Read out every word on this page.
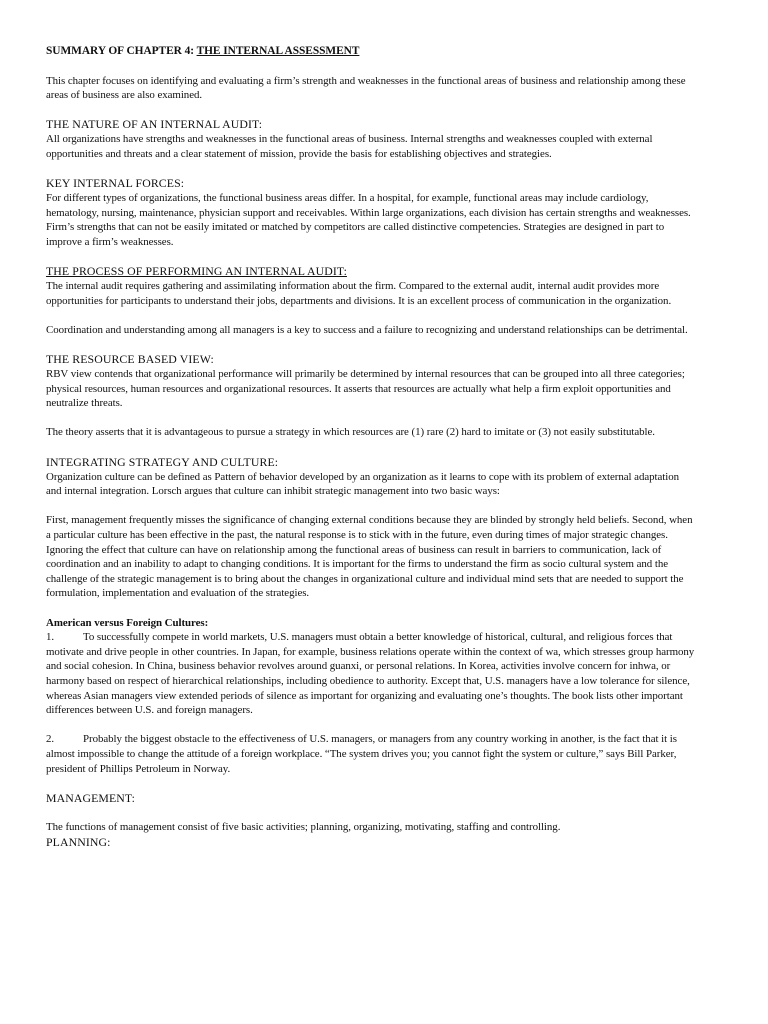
SUMMARY OF CHAPTER 4: THE INTERNAL ASSESSMENT

This chapter focuses on identifying and evaluating a firm’s strength and weaknesses in the functional areas of business and relationship among these areas of business are also examined.

THE NATURE OF AN INTERNAL AUDIT:

All organizations have strengths and weaknesses in the functional areas of business. Internal strengths and weaknesses coupled with external opportunities and threats and a clear statement of mission, provide the basis for establishing objectives and strategies.

KEY INTERNAL FORCES:

For different types of organizations, the functional business areas differ. In a hospital, for example, functional areas may include cardiology, hematology, nursing, maintenance, physician support and receivables. Within large organizations, each division has certain strengths and weaknesses. Firm’s strengths that can not be easily imitated or matched by competitors are called distinctive competencies. Strategies are designed in part to improve a firm’s weaknesses.

THE PROCESS OF PERFORMING AN INTERNAL AUDIT:

The internal audit requires gathering and assimilating information about the firm. Compared to the external audit, internal audit provides more opportunities for participants to understand their jobs, departments and divisions. It is an excellent process of communication in the organization.

Coordination and understanding among all managers is a key to success and a failure to recognizing and understand relationships can be detrimental.

THE RESOURCE BASED VIEW:

RBV view contends that organizational performance will primarily be determined by internal resources that can be grouped into all three categories; physical resources, human resources and organizational resources. It asserts that resources are actually what help a firm exploit opportunities and neutralize threats.

The theory asserts that it is advantageous to pursue a strategy in which resources are (1) rare (2) hard to imitate or (3) not easily substitutable.

INTEGRATING STRATEGY AND CULTURE:

Organization culture can be defined as Pattern of behavior developed by an organization as it learns to cope with its problem of external adaptation and internal integration. Lorsch argues that culture can inhibit strategic management into two basic ways:

First, management frequently misses the significance of changing external conditions because they are blinded by strongly held beliefs. Second, when a particular culture has been effective in the past, the natural response is to stick with in the future, even during times of major strategic changes. Ignoring the effect that culture can have on relationship among the functional areas of business can result in barriers to communication, lack of coordination and an inability to adapt to changing conditions. It is important for the firms to understand the firm as socio cultural system and the challenge of the strategic management is to bring about the changes in organizational culture and individual mind sets that are needed to support the formulation, implementation and evaluation of the strategies.

American versus Foreign Cultures:

1.	To successfully compete in world markets, U.S. managers must obtain a better knowledge of historical, cultural, and religious forces that motivate and drive people in other countries. In Japan, for example, business relations operate within the context of wa, which stresses group harmony and social cohesion. In China, business behavior revolves around guanxi, or personal relations. In Korea, activities involve concern for inhwa, or harmony based on respect of hierarchical relationships, including obedience to authority. Except that, U.S. managers have a low tolerance for silence, whereas Asian managers view extended periods of silence as important for organizing and evaluating one’s thoughts. The book lists other important differences between U.S. and foreign managers.

2.	Probably the biggest obstacle to the effectiveness of U.S. managers, or managers from any country working in another, is the fact that it is almost impossible to change the attitude of a foreign workplace. “The system drives you; you cannot fight the system or culture,” says Bill Parker, president of Phillips Petroleum in Norway.

MANAGEMENT:

The functions of management consist of five basic activities; planning, organizing, motivating, staffing and controlling.

PLANNING:
